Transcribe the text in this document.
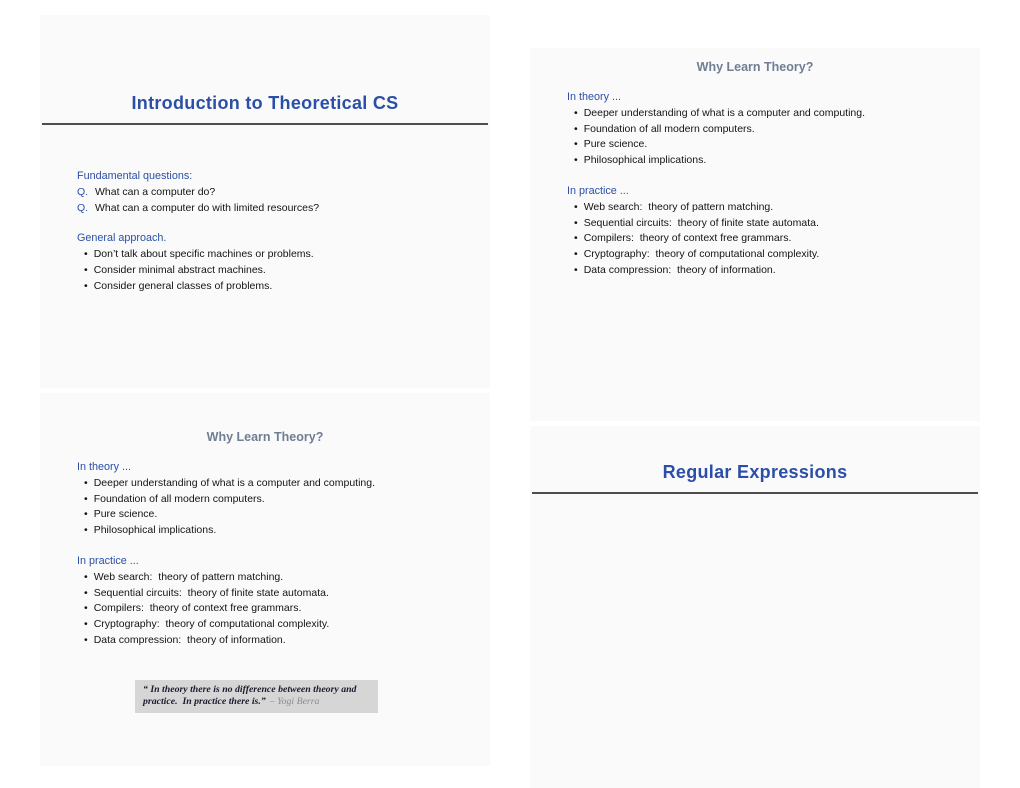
Introduction to Theoretical CS
Fundamental questions:
Q. What can a computer do?
Q. What can a computer do with limited resources?
General approach.
• Don’t talk about specific machines or problems.
• Consider minimal abstract machines.
• Consider general classes of problems.
Why Learn Theory?
In theory ...
• Deeper understanding of what is a computer and computing.
• Foundation of all modern computers.
• Pure science.
• Philosophical implications.
In practice ...
• Web search:  theory of pattern matching.
• Sequential circuits:  theory of finite state automata.
• Compilers:  theory of context free grammars.
• Cryptography:  theory of computational complexity.
• Data compression:  theory of information.
Why Learn Theory?
In theory ...
• Deeper understanding of what is a computer and computing.
• Foundation of all modern computers.
• Pure science.
• Philosophical implications.
In practice ...
• Web search:  theory of pattern matching.
• Sequential circuits:  theory of finite state automata.
• Compilers:  theory of context free grammars.
• Cryptography:  theory of computational complexity.
• Data compression:  theory of information.
“ In theory there is no difference between theory and practice.  In practice there is.” – Yogi Berra
Regular Expressions
